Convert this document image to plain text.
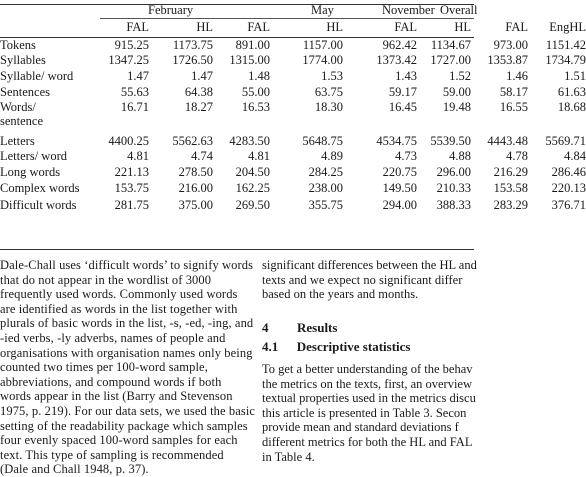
February	May	November Overall
FAL	HL	FAL	HL	FAL	HL	FAL EngHL
Tokens	915.25 1173.75 891.00	1157.00	962.42 1134.67 973.00 1151.42
Syllables	1347.25 1726.50 1315.00	1774.00	1373.42 1727.00 1353.87 1734.79
Syllable/ word	1.47	1.47	1.48	1.53	1.43	1.52	1.46	1.51
Sentences	55.63	64.38 55.00	63.75	59.17 59.00 58.17 61.63
Words/
sentence
16.71	18.27 16.53	18.30	16.45 19.48 16.55 18.68
Letters	4400.25 5562.63 4283.50	5648.75	4534.75 5539.50 4443.48 5569.71
Letters/ word	4.81	4.74	4.81	4.89	4.73	4.88	4.78	4.84
Long words	221.13 278.50 204.50	284.25	220.75 296.00 216.29 286.46
Complex words	153.75 216.00 162.25	238.00	149.50 210.33 153.58 220.13
Difficult words	281.75 375.00 269.50	355.75	294.00 388.33 283.29 376.71

Dale-Chall uses ‘difficult words’ to signify words
that do not appear in the wordlist of 3000
frequently used words. Commonly used words
are identified as words in the list together with
plurals of basic words in the list, -s, -ed, -ing, and
-ied verbs, -ly adverbs, names of people and
organisations with organisation names only being
counted two times per 100-word sample,
abbreviations, and compound words if both
words appear in the list (Barry and Stevenson
1975, p. 219). For our data sets, we used the basic
setting of the readability package which samples
four evenly spaced 100-word samples for each
text. This type of sampling is recommended
(Dale and Chall 1948, p. 37).

significant differences between the HL and
texts and we expect no significant differ
based on the years and months.

4 Results
4.1 Descriptive statistics

To get a better understanding of the behav
the metrics on the texts, first, an overview
textual properties used in the metrics discu
this article is presented in Table 3. Secon
provide mean and standard deviations f
different metrics for both the HL and FAL
in Table 4.
